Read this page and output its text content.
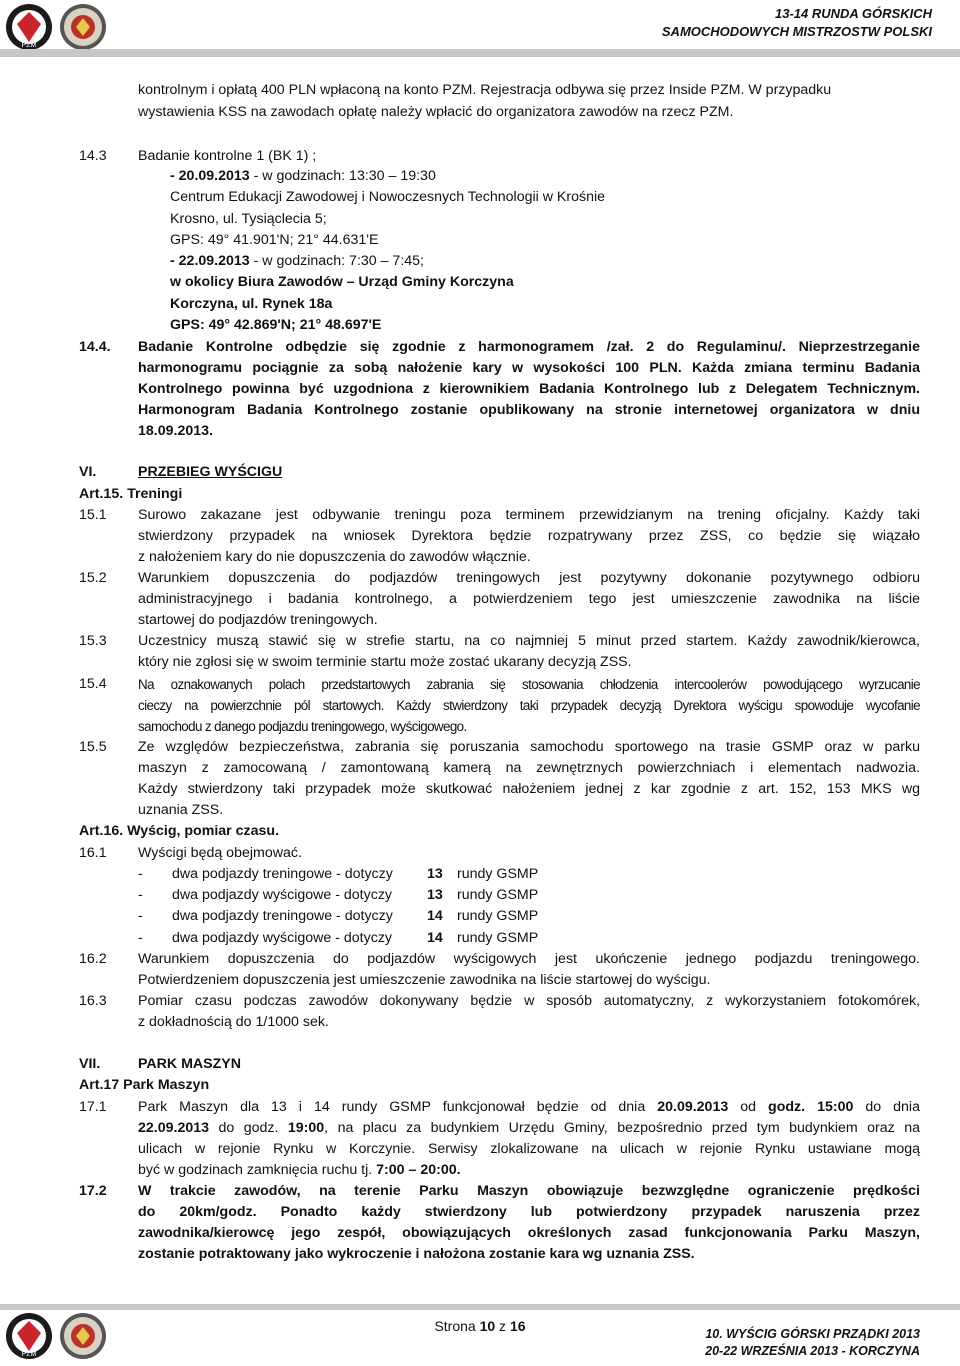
PZM
13-14 RUNDA GÓRSKICH
SAMOCHODOWYCH MISTRZOSTW POLSKI
kontrolnym i opłatą 400 PLN wpłaconą na konto PZM. Rejestracja odbywa się przez Inside PZM. W przypadku
wystawienia KSS na zawodach opłatę należy wpłacić do organizatora zawodów na rzecz PZM.
14.3 Badanie kontrolne 1 (BK 1) ;
- 20.09.2013 - w godzinach: 13:30 – 19:30
Centrum Edukacji Zawodowej i Nowoczesnych Technologii w Krośnie
Krosno, ul. Tysiąclecia 5;
GPS: 49° 41.901'N; 21° 44.631'E
- 22.09.2013 - w godzinach: 7:30 – 7:45;
w okolicy Biura Zawodów – Urząd Gminy Korczyna
Korczyna, ul. Rynek 18a
GPS: 49° 42.869'N; 21° 48.697'E
14.4. Badanie Kontrolne odbędzie się zgodnie z harmonogramem /zał. 2 do Regulaminu/. Nieprzestrzeganie
harmonogramu pociągnie za sobą nałożenie kary w wysokości 100 PLN. Każda zmiana terminu Badania
Kontrolnego powinna być uzgodniona z kierownikiem Badania Kontrolnego lub z Delegatem Technicznym.
Harmonogram Badania Kontrolnego zostanie opublikowany na stronie internetowej organizatora w dniu
18.09.2013.
VI.	PRZEBIEG WYŚCIGU
Art.15. Treningi
15.1 Surowo zakazane jest odbywanie treningu poza terminem przewidzianym na trening oficjalny. Każdy taki
stwierdzony przypadek na wniosek Dyrektora będzie rozpatrywany przez ZSS, co będzie się wiązało
z nałożeniem kary do nie dopuszczenia do zawodów włącznie.
15.2 Warunkiem dopuszczenia do podjazdów treningowych jest pozytywny dokonanie pozytywnego odbioru
administracyjnego i badania kontrolnego, a potwierdzeniem tego jest umieszczenie zawodnika na liście
startowej do podjazdów treningowych.
15.3 Uczestnicy muszą stawić się w strefie startu, na co najmniej 5 minut przed startem. Każdy zawodnik/kierowca,
który nie zgłosi się w swoim terminie startu może zostać ukarany decyzją ZSS.
15.4 Na oznakowanych polach przedstartowych zabrania się stosowania chłodzenia intercoolerów powodującego wyrzucanie
cieczy na powierzchnie pól startowych. Każdy stwierdzony taki przypadek decyzją Dyrektora wyścigu spowoduje wycofanie
samochodu z danego podjazdu treningowego, wyścigowego.
15.5 Ze względów bezpieczeństwa, zabrania się poruszania samochodu sportowego na trasie GSMP oraz w parku
maszyn z zamocowaną / zamontowaną kamerą na zewnętrznych powierzchniach i elementach nadwozia.
Każdy stwierdzony taki przypadek może skutkować nałożeniem jednej z kar zgodnie z art. 152, 153 MKS wg
uznania ZSS.
Art.16. Wyścig, pomiar czasu.
16.1 Wyścigi będą obejmować.
- dwa podjazdy treningowe - dotyczy 13 rundy GSMP
- dwa podjazdy wyścigowe - dotyczy 13 rundy GSMP
- dwa podjazdy treningowe - dotyczy 14 rundy GSMP
- dwa podjazdy wyścigowe - dotyczy 14 rundy GSMP
16.2 Warunkiem dopuszczenia do podjazdów wyścigowych jest ukończenie jednego podjazdu treningowego.
Potwierdzeniem dopuszczenia jest umieszczenie zawodnika na liście startowej do wyścigu.
16.3 Pomiar czasu podczas zawodów dokonywany będzie w sposób automatyczny, z wykorzystaniem fotokomórek,
z dokładnością do 1/1000 sek.
VII.	PARK MASZYN
Art.17 Park Maszyn
17.1 Park Maszyn dla 13 i 14 rundy GSMP funkcjonował będzie od dnia 20.09.2013 od godz. 15:00 do dnia
22.09.2013 do godz. 19:00, na placu za budynkiem Urzędu Gminy, bezpośrednio przed tym budynkiem oraz na
ulicach w rejonie Rynku w Korczynie. Serwisy zlokalizowane na ulicach w rejonie Rynku ustawiane mogą
być w godzinach zamknięcia ruchu tj. 7:00 – 20:00.
17.2 W trakcie zawodów, na terenie Parku Maszyn obowiązuje bezwzględne ograniczenie prędkości
do 20km/godz. Ponadto każdy stwierdzony lub potwierdzony przypadek naruszenia przez
zawodnika/kierowcę jego zespół, obowiązujących określonych zasad funkcjonowania Parku Maszyn,
zostanie potraktowany jako wykroczenie i nałożona zostanie kara wg uznania ZSS.
PZM
Strona 10 z 16	10. WYŚCIG GÓRSKI PRZĄDKI 2013
20-22 WRZEŚNIA 2013 - KORCZYNA
